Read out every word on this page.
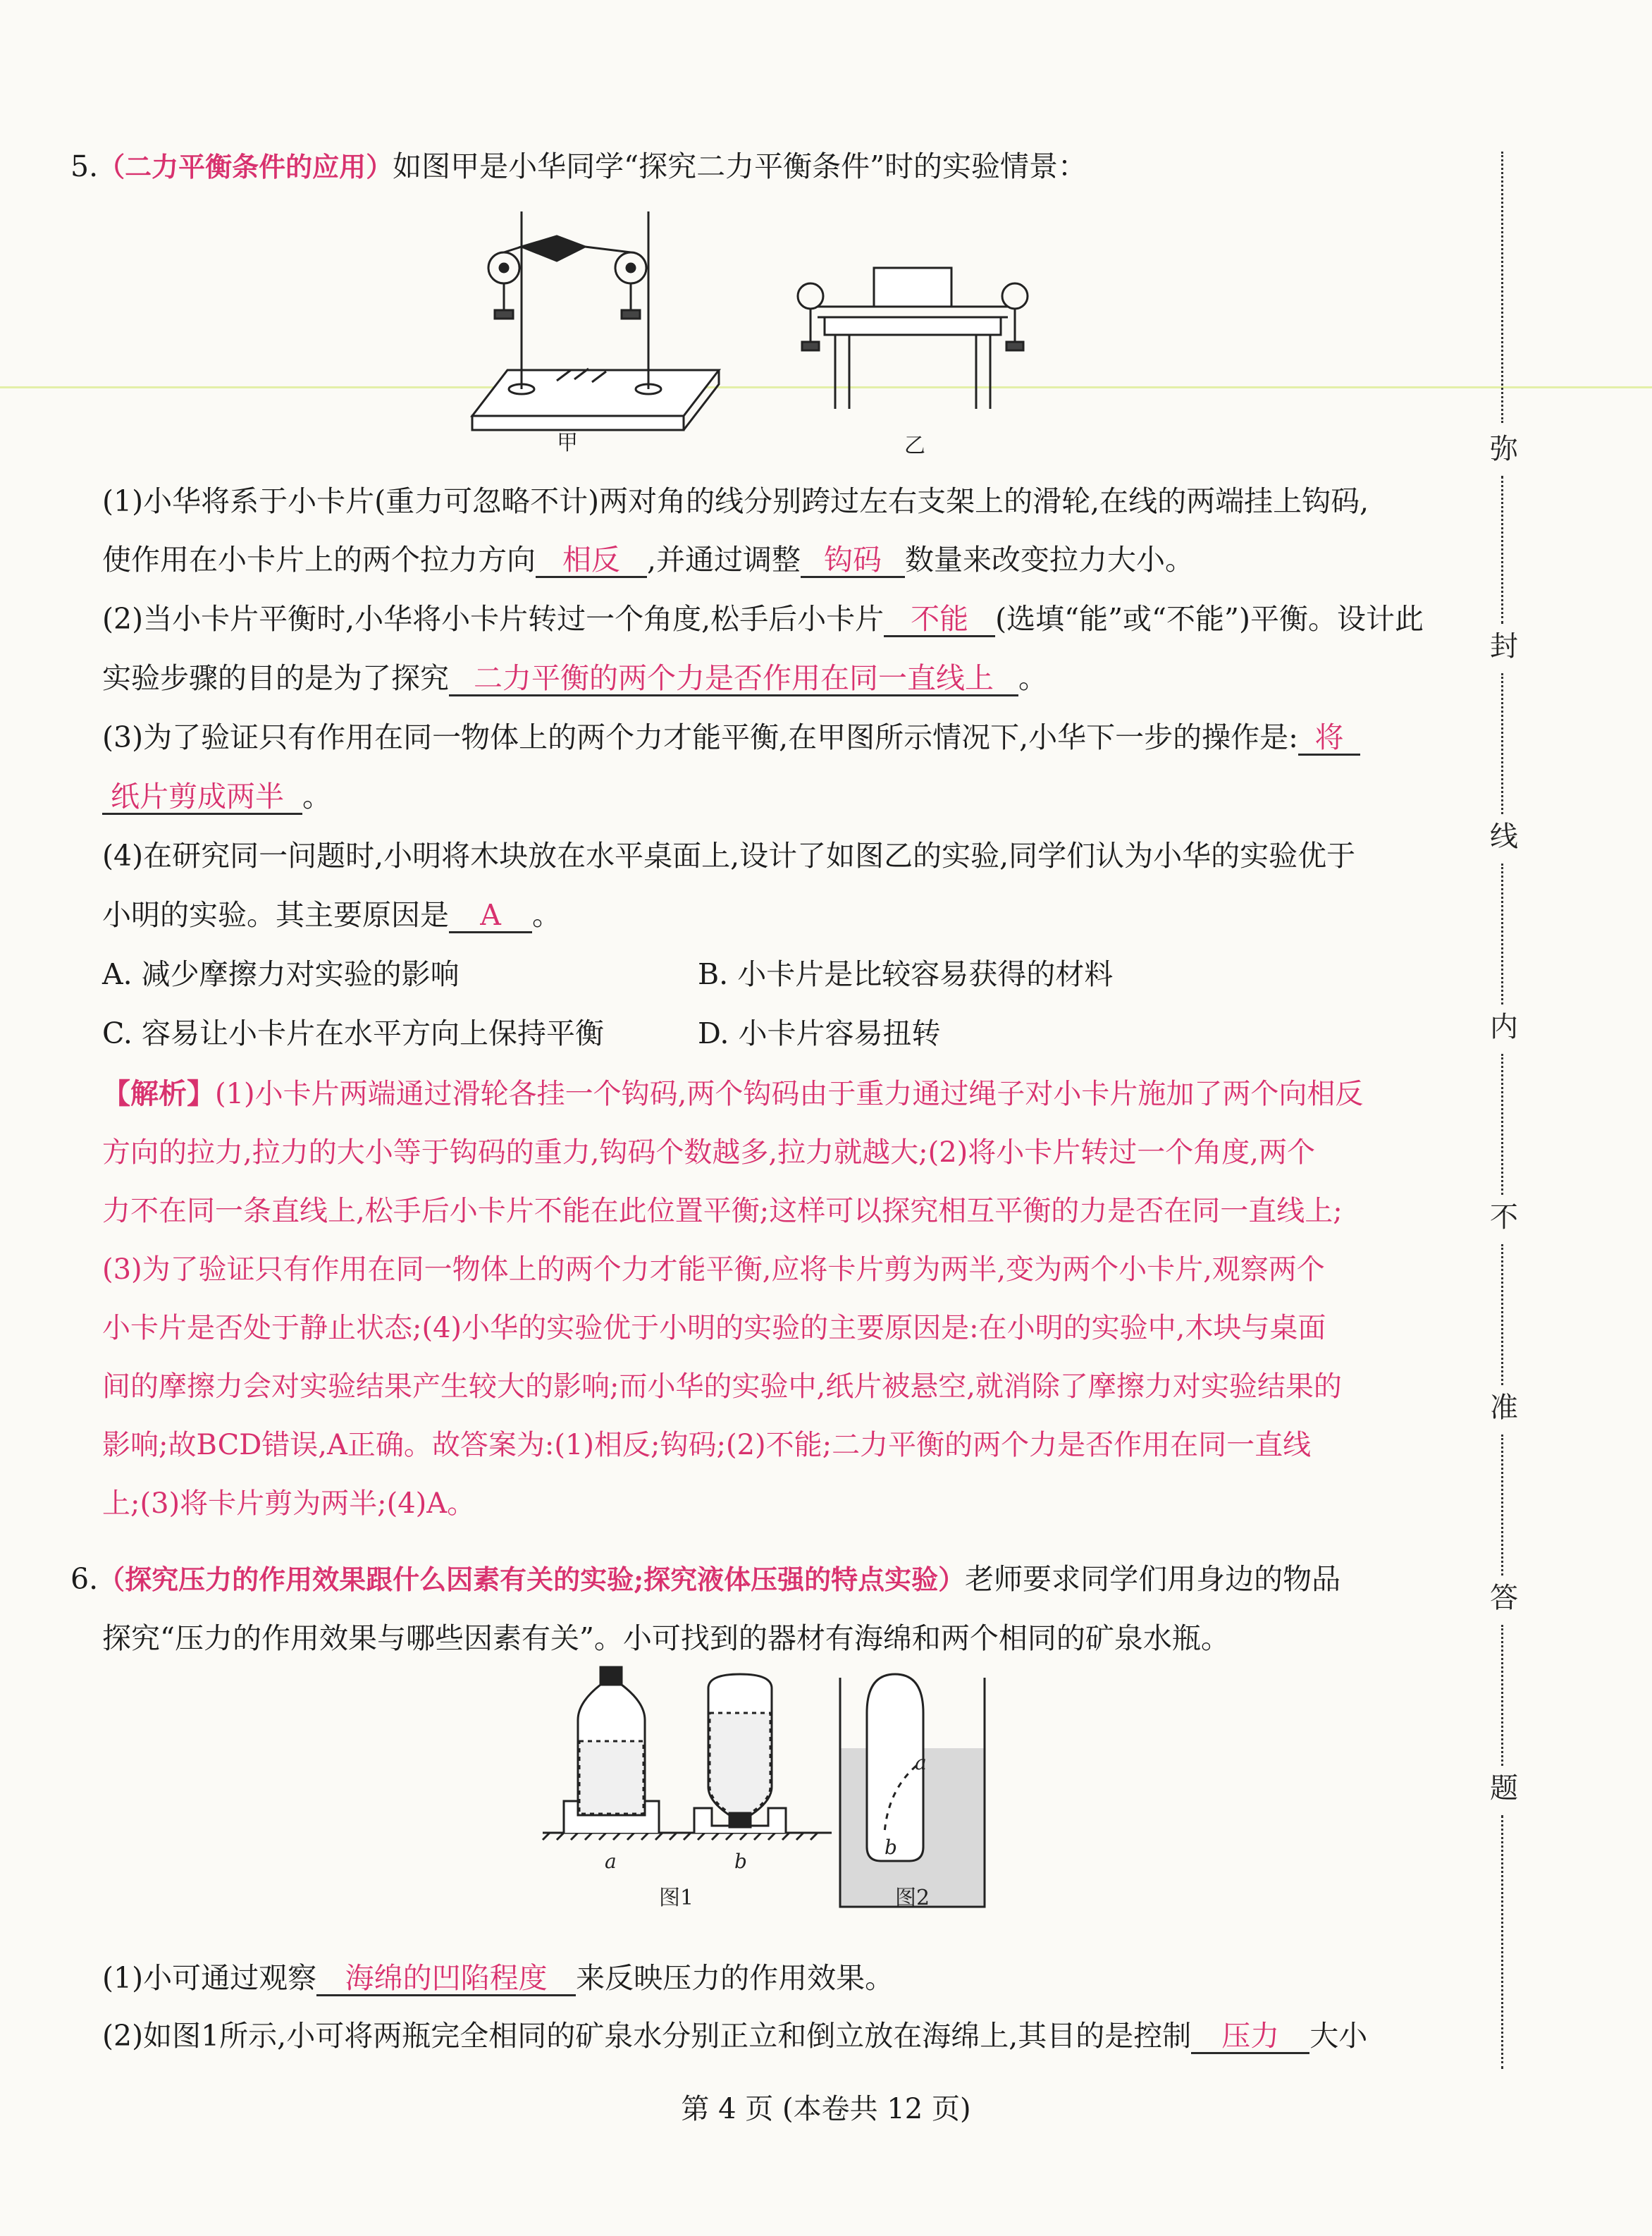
5.（二力平衡条件的应用）如图甲是小华同学“探究二力平衡条件”时的实验情景：
甲	乙
(1)小华将系于小卡片(重力可忽略不计)两对角的线分别跨过左右支架上的滑轮,在线的两端挂上钩码,
使作用在小卡片上的两个拉力方向 相反 ,并通过调整 钩码 数量来改变拉力大小。
(2)当小卡片平衡时,小华将小卡片转过一个角度,松手后小卡片 不能 (选填“能”或“不能”)平衡。设计此
实验步骤的目的是为了探究 二力平衡的两个力是否作用在同一直线上 。
(3)为了验证只有作用在同一物体上的两个力才能平衡,在甲图所示情况下,小华下一步的操作是: 将
纸片剪成两半 。
(4)在研究同一问题时,小明将木块放在水平桌面上,设计了如图乙的实验,同学们认为小华的实验优于
小明的实验。其主要原因是 A 。
A. 减少摩擦力对实验的影响	B. 小卡片是比较容易获得的材料
C. 容易让小卡片在水平方向上保持平衡	D. 小卡片容易扭转
【解析】(1)小卡片两端通过滑轮各挂一个钩码,两个钩码由于重力通过绳子对小卡片施加了两个向相反
方向的拉力,拉力的大小等于钩码的重力,钩码个数越多,拉力就越大;(2)将小卡片转过一个角度,两个
力不在同一条直线上,松手后小卡片不能在此位置平衡;这样可以探究相互平衡的力是否在同一直线上;
(3)为了验证只有作用在同一物体上的两个力才能平衡,应将卡片剪为两半,变为两个小卡片,观察两个
小卡片是否处于静止状态;(4)小华的实验优于小明的实验的主要原因是:在小明的实验中,木块与桌面
间的摩擦力会对实验结果产生较大的影响;而小华的实验中,纸片被悬空,就消除了摩擦力对实验结果的
影响;故BCD错误,A正确。故答案为:(1)相反;钩码;(2)不能;二力平衡的两个力是否作用在同一直线
上;(3)将卡片剪为两半;(4)A。
6.（探究压力的作用效果跟什么因素有关的实验;探究液体压强的特点实验）老师要求同学们用身边的物品
探究“压力的作用效果与哪些因素有关”。小可找到的器材有海绵和两个相同的矿泉水瓶。
a
b
a	b
图1	图2
(1)小可通过观察 海绵的凹陷程度 来反映压力的作用效果。
(2)如图1所示,小可将两瓶完全相同的矿泉水分别正立和倒立放在海绵上,其目的是控制 压力 大小
第 4 页 (本卷共 12 页)
弥
封
线
内
不
准
答
题
